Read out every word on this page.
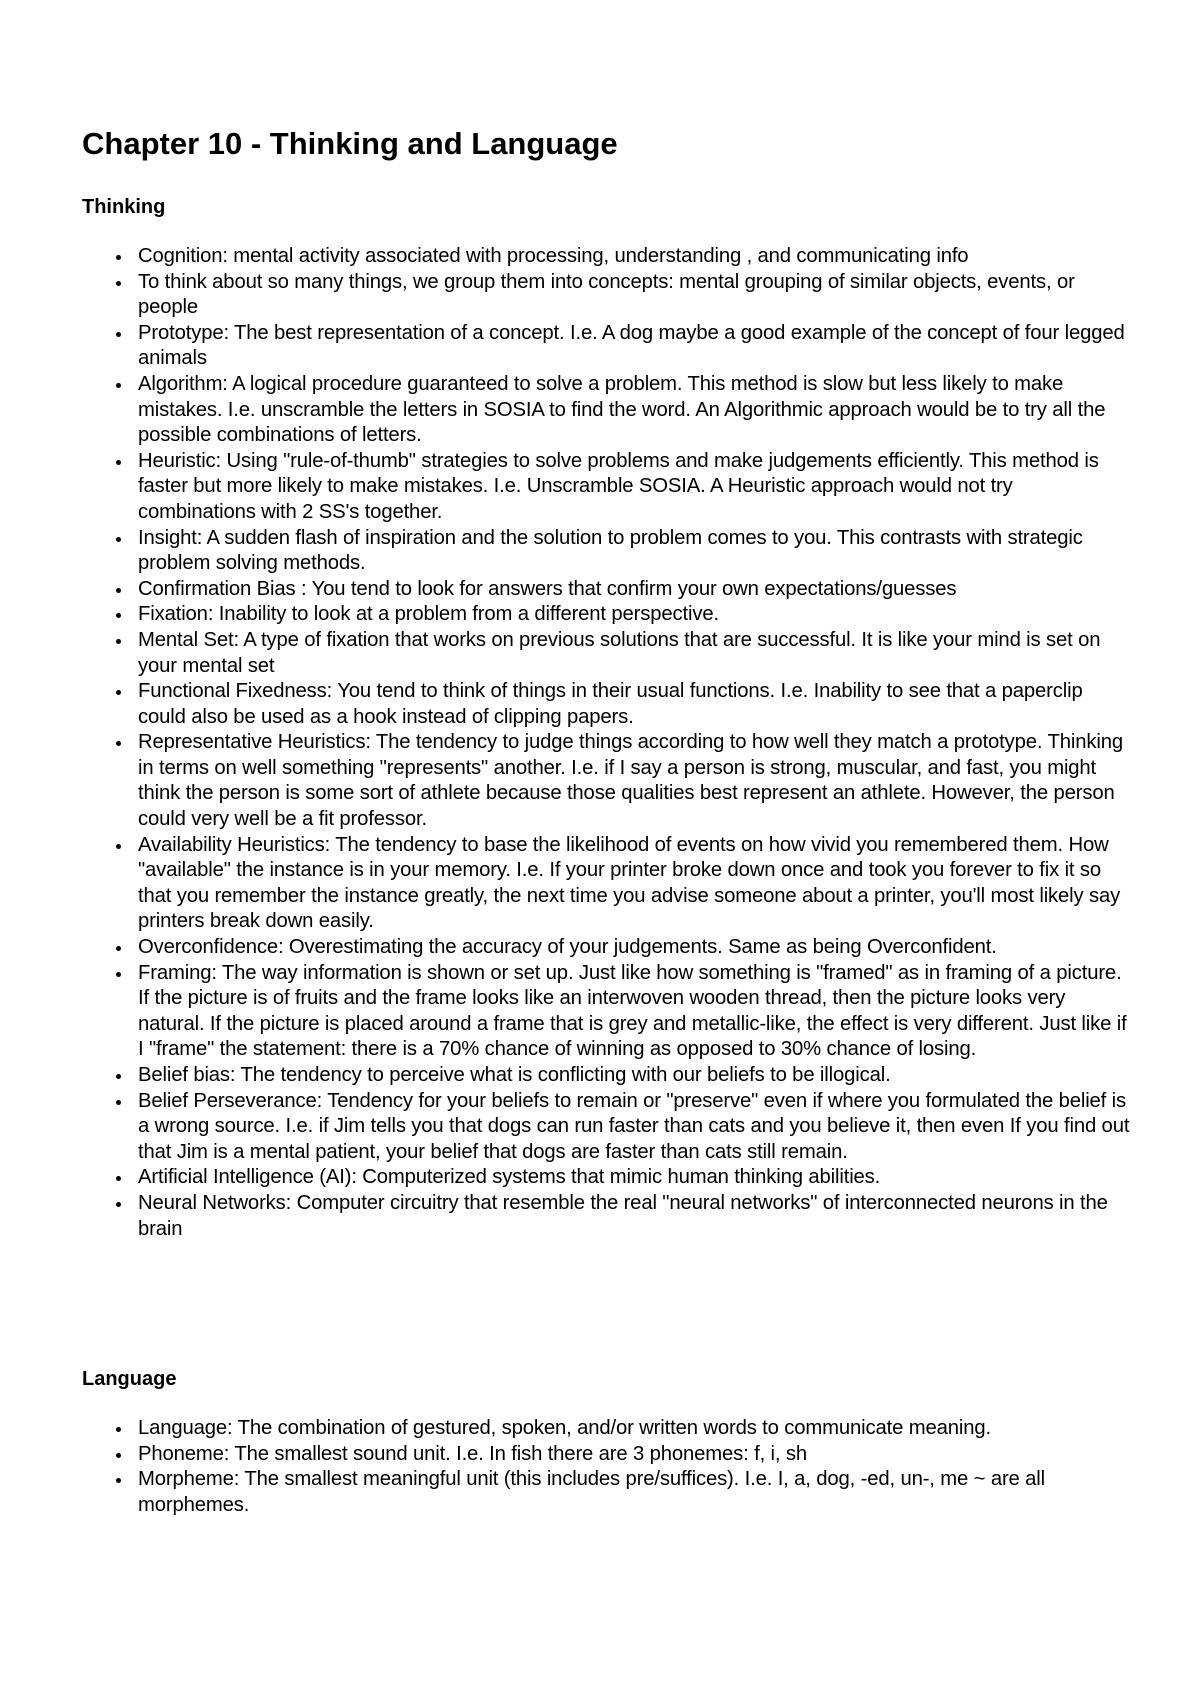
Chapter 10 - Thinking and Language
Thinking
Cognition: mental activity associated with processing, understanding , and communicating info
To think about so many things, we group them into concepts: mental grouping of similar objects, events, or people
Prototype: The best representation of a concept. I.e. A dog maybe a good example of the concept of four legged animals
Algorithm: A logical procedure guaranteed to solve a problem. This method is slow but less likely to make mistakes. I.e. unscramble the letters in SOSIA to find the word. An Algorithmic approach would be to try all the possible combinations of letters.
Heuristic: Using "rule-of-thumb" strategies to solve problems and make judgements efficiently. This method is faster but more likely to make mistakes. I.e. Unscramble SOSIA. A Heuristic approach would not try combinations with 2 SS's together.
Insight: A sudden flash of inspiration and the solution to problem comes to you. This contrasts with strategic problem solving methods.
Confirmation Bias : You tend to look for answers that confirm your own expectations/guesses
Fixation: Inability to look at a problem from a different perspective.
Mental Set: A type of fixation that works on previous solutions that are successful. It is like your mind is set on your mental set
Functional Fixedness: You tend to think of things in their usual functions. I.e. Inability to see that a paperclip could also be used as a hook instead of clipping papers.
Representative Heuristics: The tendency to judge things according to how well they match a prototype. Thinking in terms on well something "represents" another. I.e. if I say a person is strong, muscular, and fast, you might think the person is some sort of athlete because those qualities best represent an athlete. However, the person could very well be a fit professor.
Availability Heuristics: The tendency to base the likelihood of events on how vivid you remembered them. How "available" the instance is in your memory. I.e. If your printer broke down once and took you forever to fix it so that you remember the instance greatly, the next time you advise someone about a printer, you'll most likely say printers break down easily.
Overconfidence: Overestimating the accuracy of your judgements. Same as being Overconfident.
Framing: The way information is shown or set up. Just like how something is "framed" as in framing of a picture. If the picture is of fruits and the frame looks like an interwoven wooden thread, then the picture looks very natural. If the picture is placed around a frame that is grey and metallic-like, the effect is very different. Just like if I "frame" the statement: there is a 70% chance of winning as opposed to 30% chance of losing.
Belief bias: The tendency to perceive what is conflicting with our beliefs to be illogical.
Belief Perseverance: Tendency for your beliefs to remain or "preserve" even if where you formulated the belief is a wrong source. I.e. if Jim tells you that dogs can run faster than cats and you believe it, then even If you find out that Jim is a mental patient, your belief that dogs are faster than cats still remain.
Artificial Intelligence (AI): Computerized systems that mimic human thinking abilities.
Neural Networks: Computer circuitry that resemble the real "neural networks" of interconnected neurons in the brain
Language
Language: The combination of gestured, spoken, and/or written words to communicate meaning.
Phoneme: The smallest sound unit. I.e. In fish there are 3 phonemes: f, i, sh
Morpheme: The smallest meaningful unit (this includes pre/suffices). I.e. I, a, dog, -ed, un-, me ~ are all morphemes.
